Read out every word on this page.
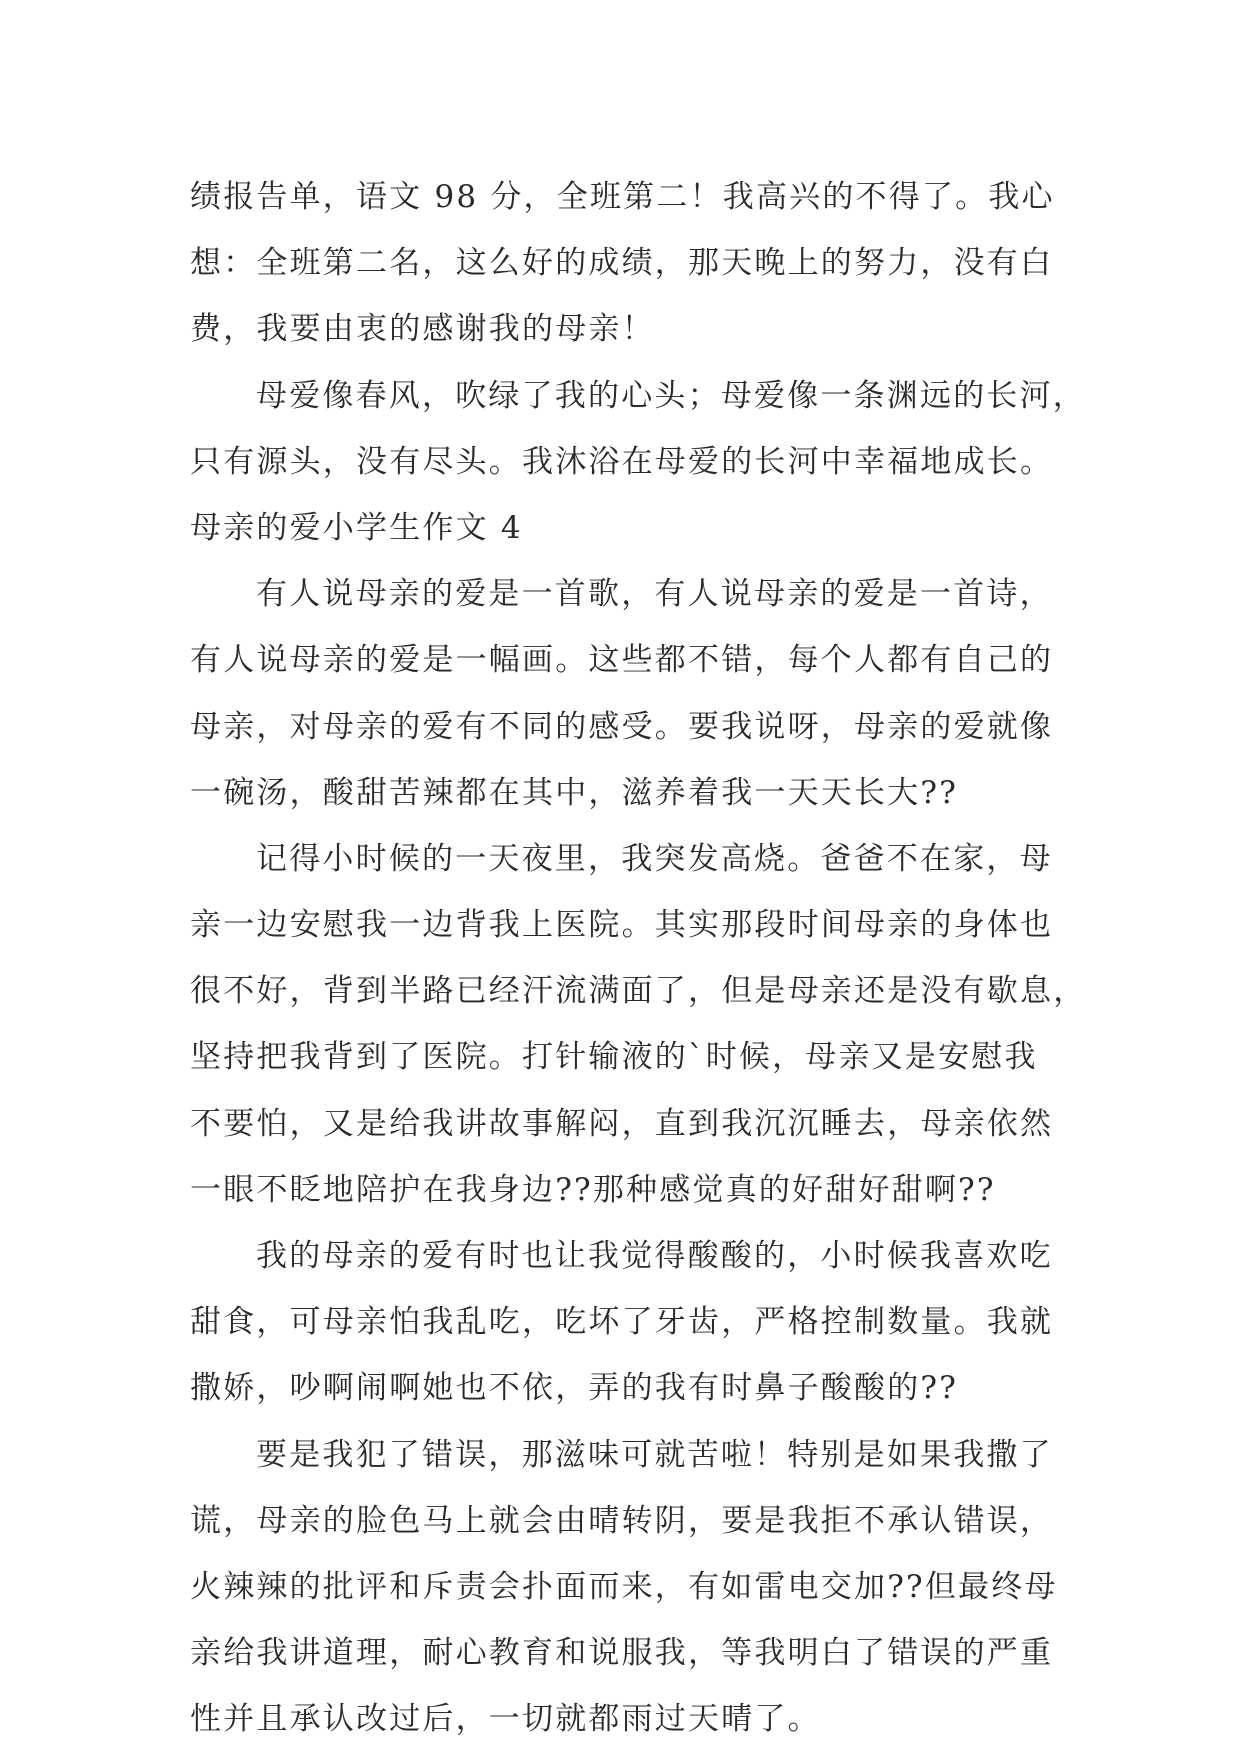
绩报告单，语文 98 分，全班第二！我高兴的不得了。我心
想：全班第二名，这么好的成绩，那天晚上的努力，没有白
费，我要由衷的感谢我的母亲！
母爱像春风，吹绿了我的心头；母爱像一条渊远的长河，
只有源头，没有尽头。我沐浴在母爱的长河中幸福地成长。
母亲的爱小学生作文 4
有人说母亲的爱是一首歌，有人说母亲的爱是一首诗，
有人说母亲的爱是一幅画。这些都不错，每个人都有自己的
母亲，对母亲的爱有不同的感受。要我说呀，母亲的爱就像
一碗汤，酸甜苦辣都在其中，滋养着我一天天长大??
记得小时候的一天夜里，我突发高烧。爸爸不在家，母
亲一边安慰我一边背我上医院。其实那段时间母亲的身体也
很不好，背到半路已经汗流满面了，但是母亲还是没有歇息，
坚持把我背到了医院。打针输液的`时候，母亲又是安慰我
不要怕，又是给我讲故事解闷，直到我沉沉睡去，母亲依然
一眼不眨地陪护在我身边??那种感觉真的好甜好甜啊??
我的母亲的爱有时也让我觉得酸酸的，小时候我喜欢吃
甜食，可母亲怕我乱吃，吃坏了牙齿，严格控制数量。我就
撒娇，吵啊闹啊她也不依，弄的我有时鼻子酸酸的??
要是我犯了错误，那滋味可就苦啦！特别是如果我撒了
谎，母亲的脸色马上就会由晴转阴，要是我拒不承认错误，
火辣辣的批评和斥责会扑面而来，有如雷电交加??但最终母
亲给我讲道理，耐心教育和说服我，等我明白了错误的严重
性并且承认改过后，一切就都雨过天晴了。
